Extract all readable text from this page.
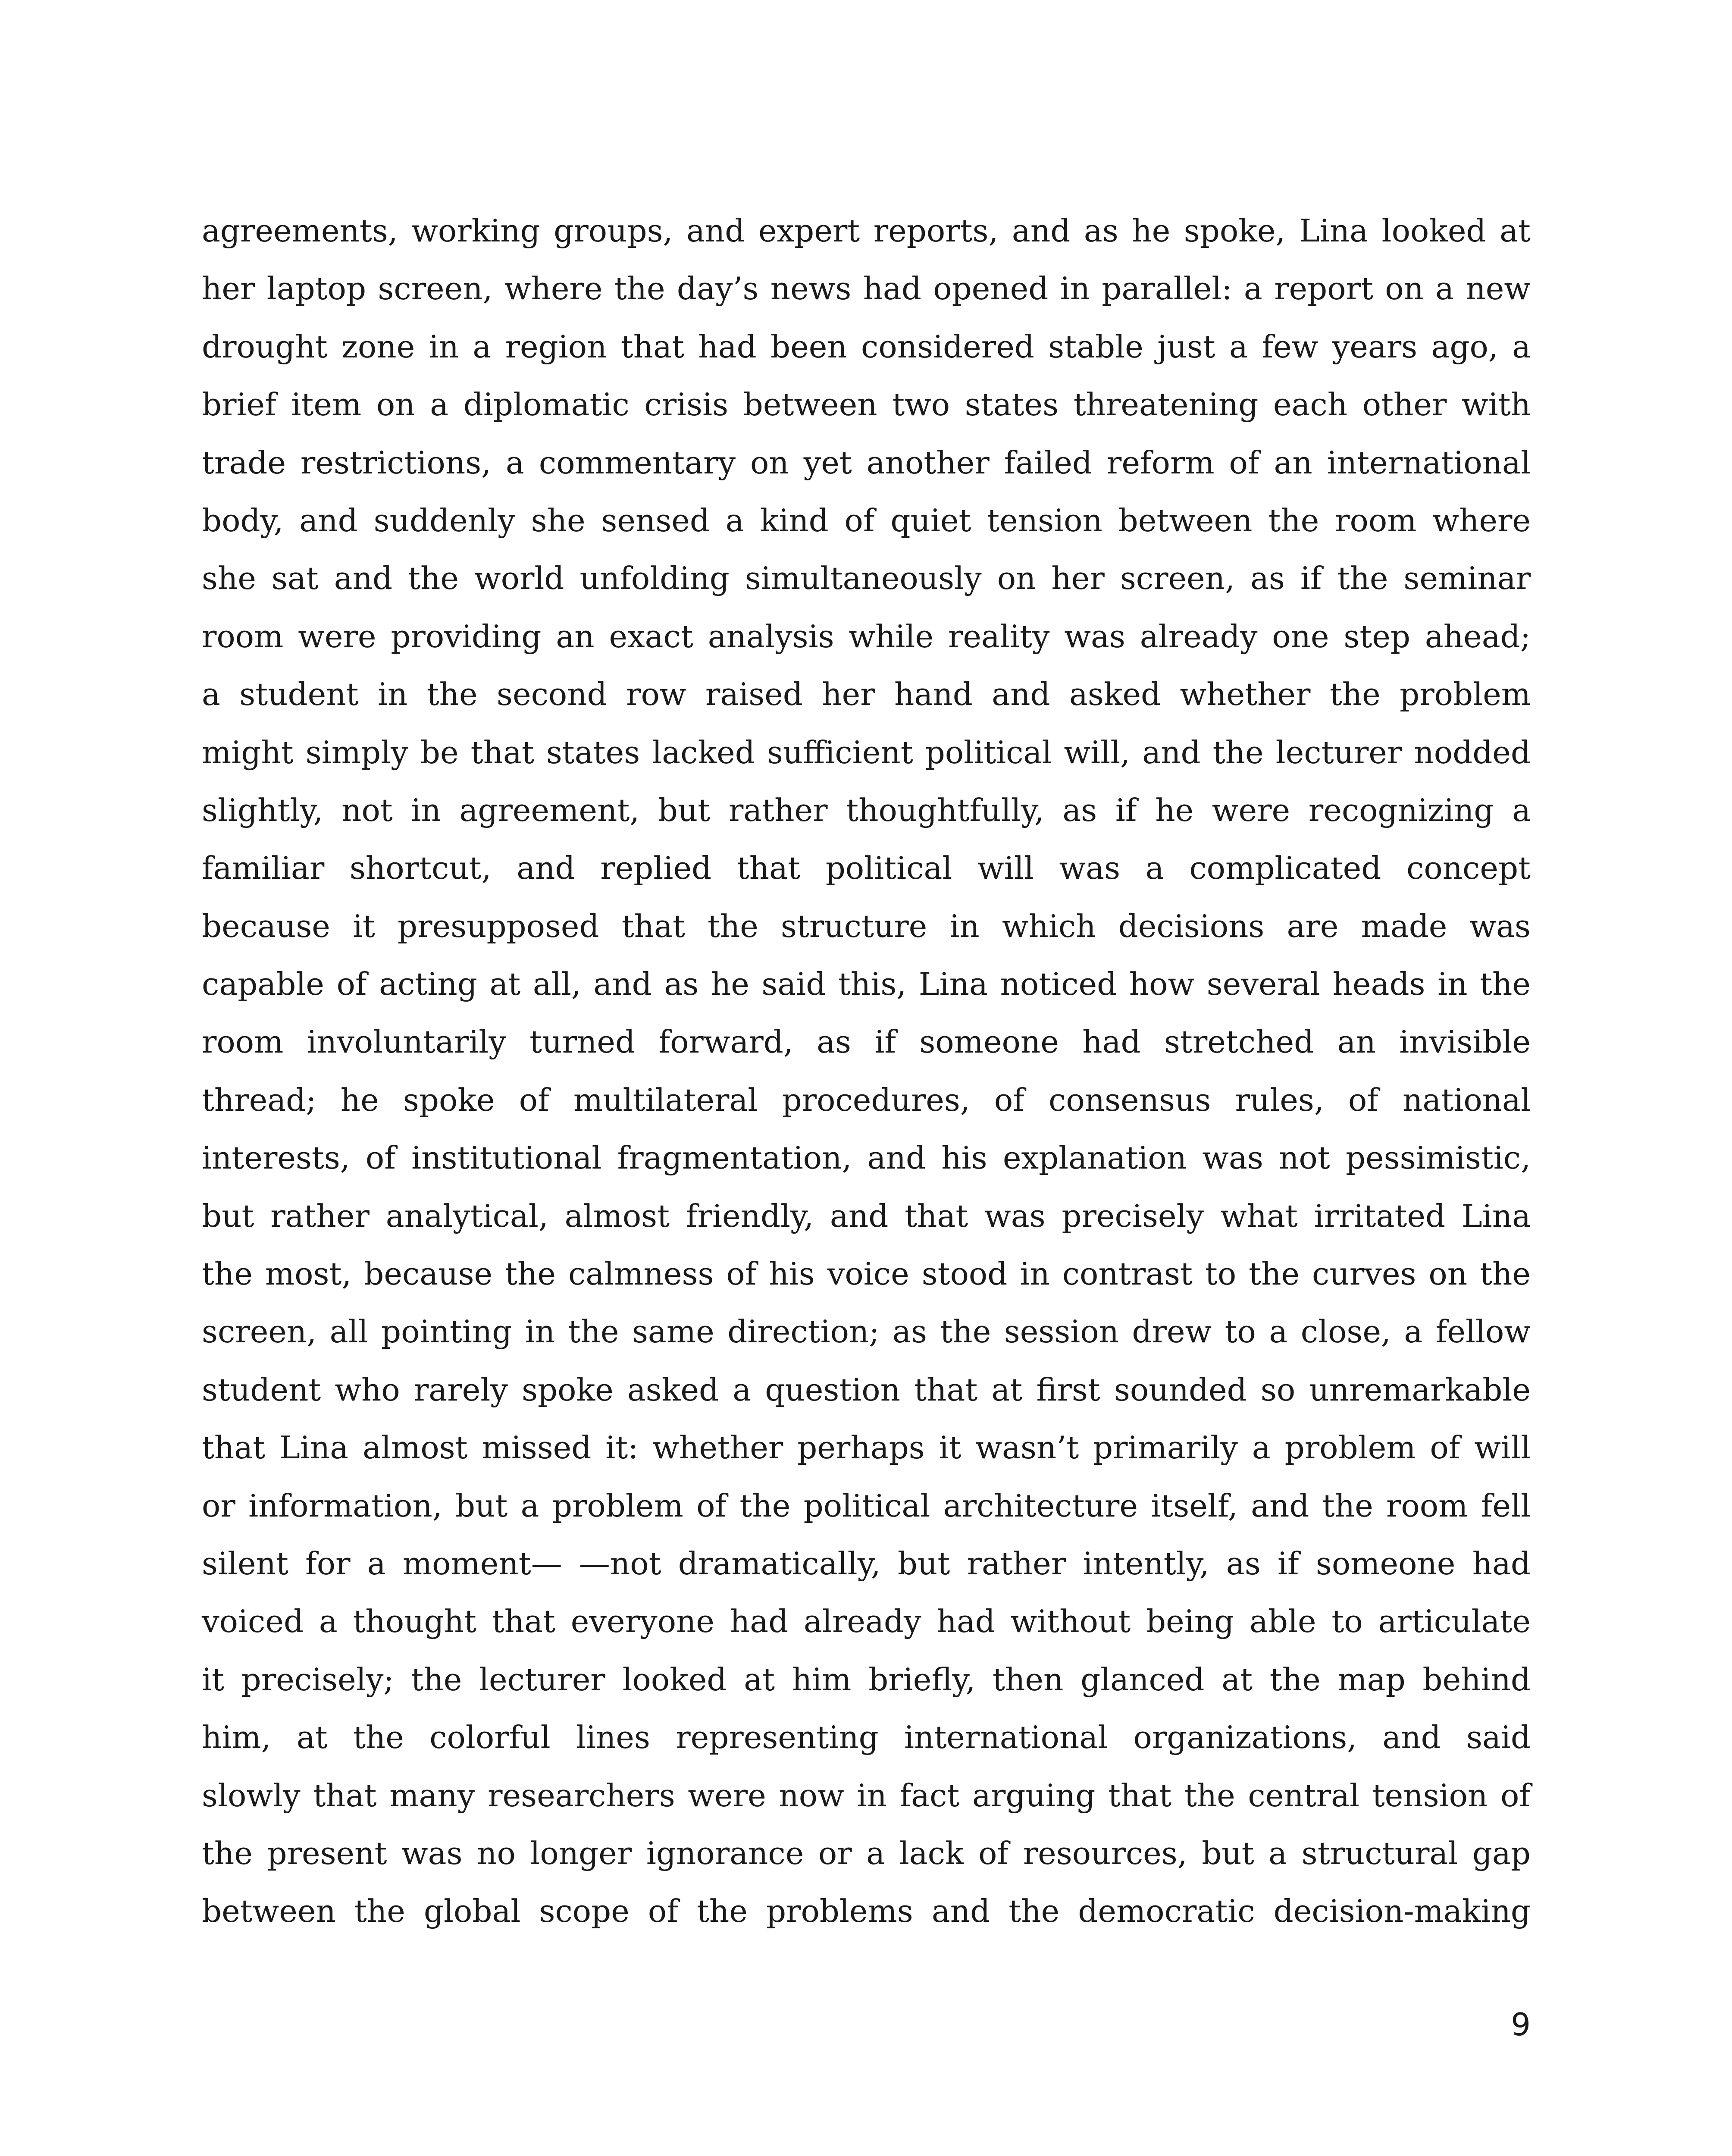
agreements, working groups, and expert reports, and as he spoke, Lina looked at
her laptop screen, where the day’s news had opened in parallel: a report on a new
drought zone in a region that had been considered stable just a few years ago, a
brief item on a diplomatic crisis between two states threatening each other with
trade restrictions, a commentary on yet another failed reform of an international
body, and suddenly she sensed a kind of quiet tension between the room where
she sat and the world unfolding simultaneously on her screen, as if the seminar
room were providing an exact analysis while reality was already one step ahead;
a student in the second row raised her hand and asked whether the problem
might simply be that states lacked sufficient political will, and the lecturer nodded
slightly, not in agreement, but rather thoughtfully, as if he were recognizing a
familiar shortcut, and replied that political will was a complicated concept
because it presupposed that the structure in which decisions are made was
capable of acting at all, and as he said this, Lina noticed how several heads in the
room involuntarily turned forward, as if someone had stretched an invisible
thread; he spoke of multilateral procedures, of consensus rules, of national
interests, of institutional fragmentation, and his explanation was not pessimistic,
but rather analytical, almost friendly, and that was precisely what irritated Lina
the most, because the calmness of his voice stood in contrast to the curves on the
screen, all pointing in the same direction; as the session drew to a close, a fellow
student who rarely spoke asked a question that at first sounded so unremarkable
that Lina almost missed it: whether perhaps it wasn’t primarily a problem of will
or information, but a problem of the political architecture itself, and the room fell
silent for a moment— —not dramatically, but rather intently, as if someone had
voiced a thought that everyone had already had without being able to articulate
it precisely; the lecturer looked at him briefly, then glanced at the map behind
him, at the colorful lines representing international organizations, and said
slowly that many researchers were now in fact arguing that the central tension of
the present was no longer ignorance or a lack of resources, but a structural gap
between the global scope of the problems and the democratic decision-making
9
